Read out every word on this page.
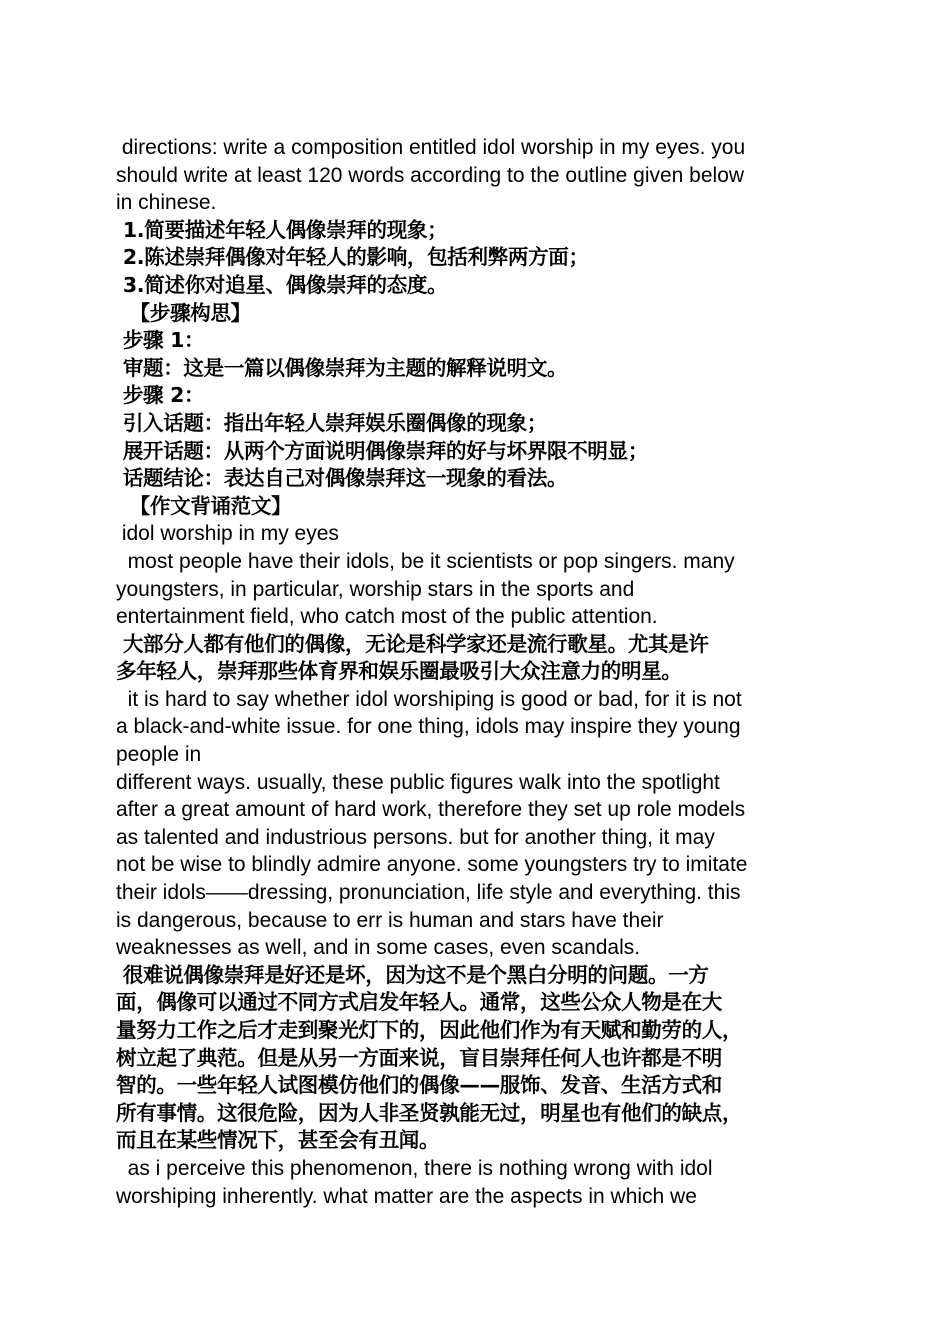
directions: write a composition entitled idol worship in my eyes. you
should write at least 120 words according to the outline given below
in chinese.
1.简要描述年轻人偶像崇拜的现象；
2.陈述崇拜偶像对年轻人的影响，包括利弊两方面；
3.简述你对追星、偶像崇拜的态度。
【步骤构思】
步骤 1：
审题：这是一篇以偶像崇拜为主题的解释说明文。
步骤 2：
引入话题：指出年轻人崇拜娱乐圈偶像的现象；
展开话题：从两个方面说明偶像崇拜的好与坏界限不明显；
话题结论：表达自己对偶像崇拜这一现象的看法。
【作文背诵范文】
idol worship in my eyes
most people have their idols, be it scientists or pop singers. many
youngsters, in particular, worship stars in the sports and
entertainment field, who catch most of the public attention.
大部分人都有他们的偶像，无论是科学家还是流行歌星。尤其是许
多年轻人，崇拜那些体育界和娱乐圈最吸引大众注意力的明星。
it is hard to say whether idol worshiping is good or bad, for it is not
a black-and-white issue. for one thing, idols may inspire they young
people in
different ways. usually, these public figures walk into the spotlight
after a great amount of hard work, therefore they set up role models
as talented and industrious persons. but for another thing, it may
not be wise to blindly admire anyone. some youngsters try to imitate
their idols——dressing, pronunciation, life style and everything. this
is dangerous, because to err is human and stars have their
weaknesses as well, and in some cases, even scandals.
很难说偶像崇拜是好还是坏，因为这不是个黑白分明的问题。一方
面，偶像可以通过不同方式启发年轻人。通常，这些公众人物是在大
量努力工作之后才走到聚光灯下的，因此他们作为有天赋和勤劳的人，
树立起了典范。但是从另一方面来说，盲目崇拜任何人也许都是不明
智的。一些年轻人试图模仿他们的偶像——服饰、发音、生活方式和
所有事情。这很危险，因为人非圣贤孰能无过，明星也有他们的缺点，
而且在某些情况下，甚至会有丑闻。
as i perceive this phenomenon, there is nothing wrong with idol
worshiping inherently. what matter are the aspects in which we
